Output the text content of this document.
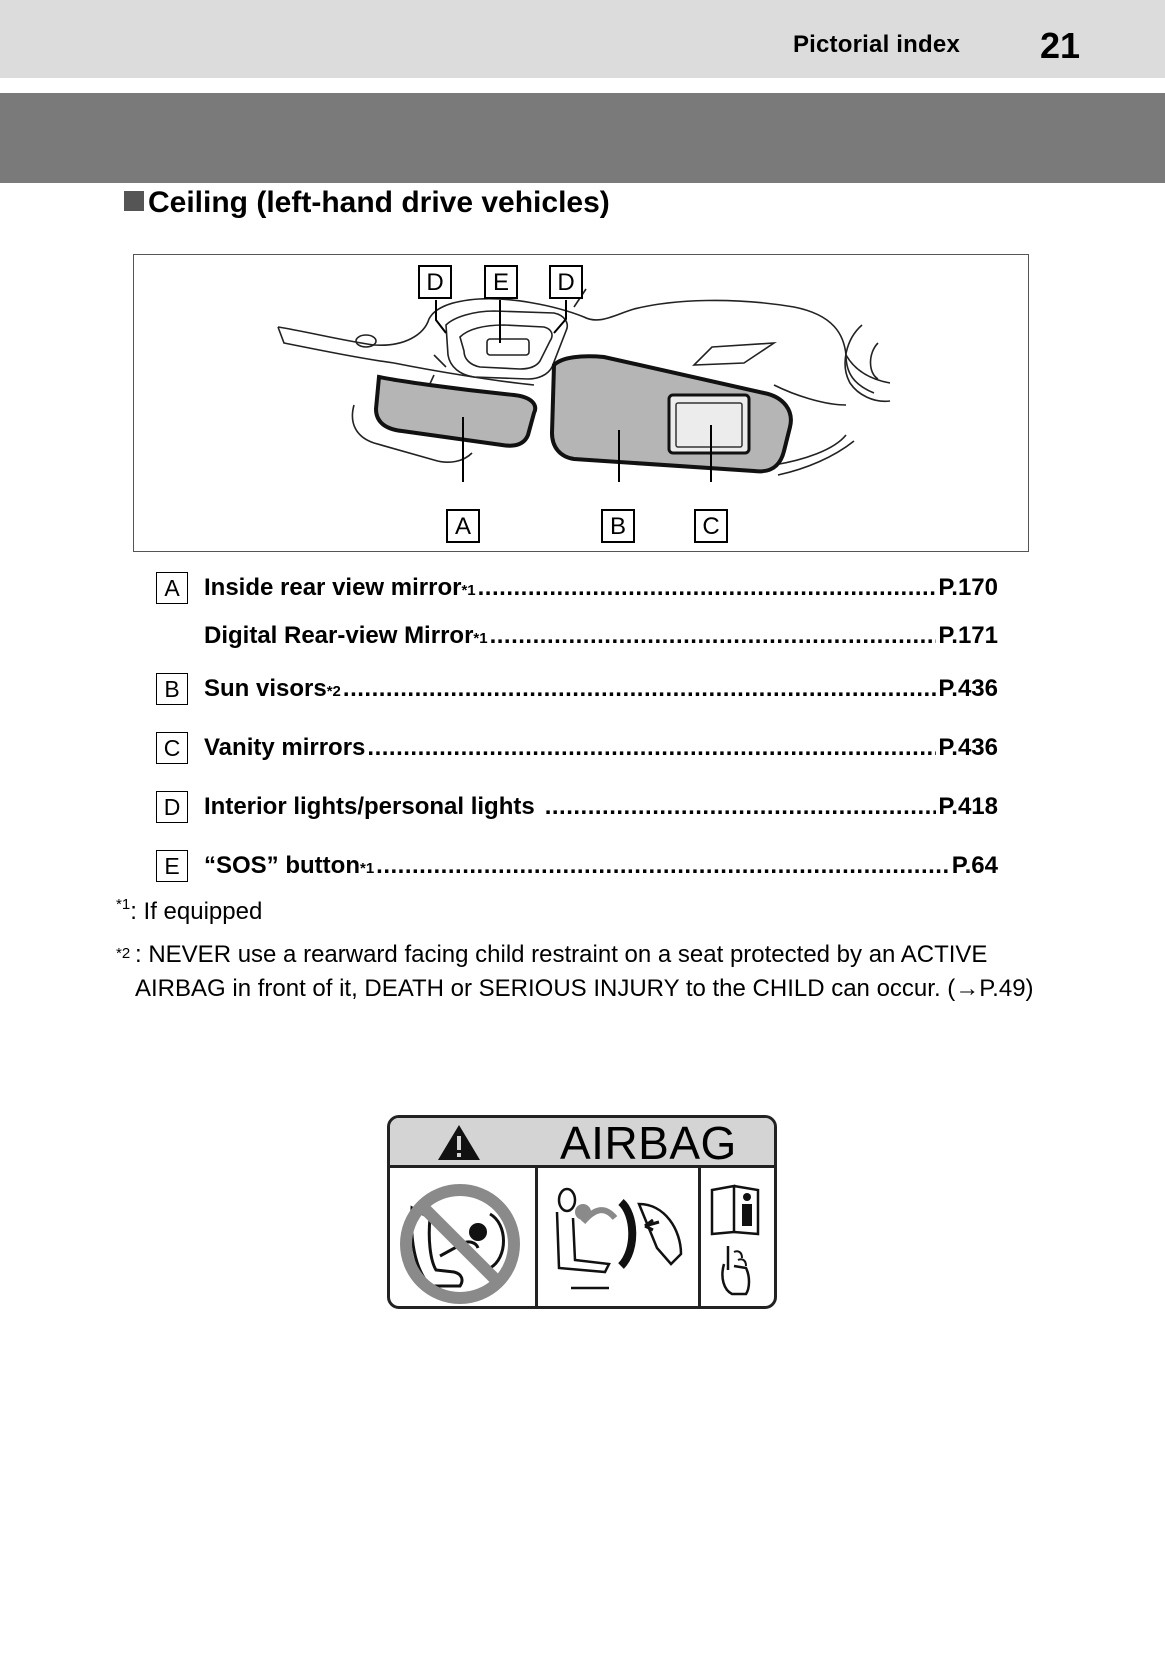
Pictorial index 21
Ceiling (left-hand drive vehicles)
D	E	D
A	B	C
A	Inside rear view mirror *1 .....	P.170
Digital Rear-view Mirror *1 .....	P.171
B	Sun visors *2 .....	P.436
C Vanity mirrors .....	P.436
D Interior lights/personal lights .....	P.418
E	“SOS” button *1 .....	P.64
$^{*1}$: If equipped
*2 : NEVER use a rearward facing child restraint on a seat protected by an ACTIVE AIRBAG in front of it, DEATH or SERIOUS INJURY to the CHILD can occur. (→P.49)
AIRBAG
